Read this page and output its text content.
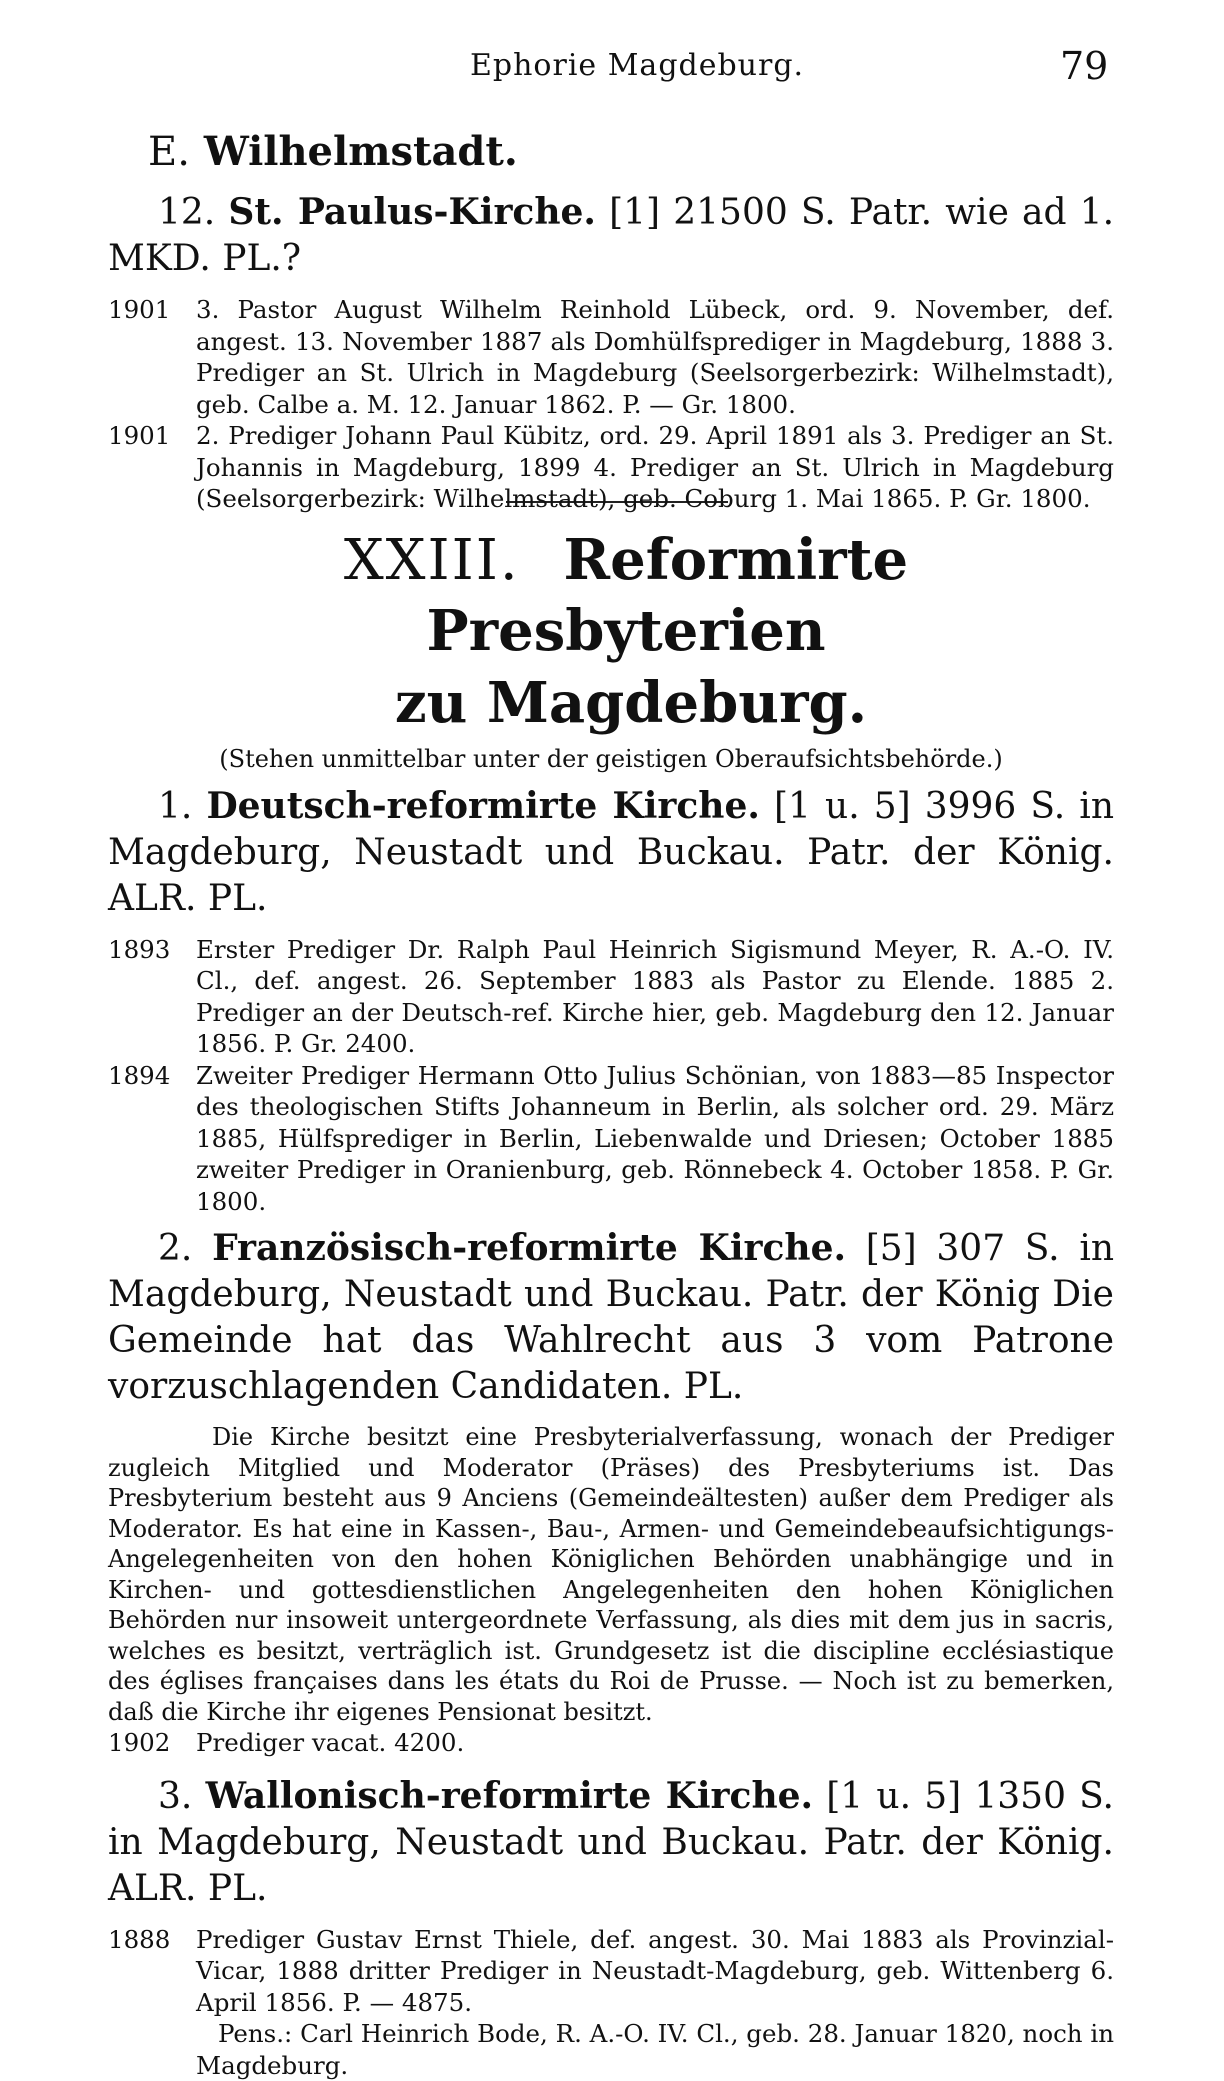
Ephorie Magdeburg.	79
E. Wilhelmstadt.

12. St. Paulus-Kirche. [1] 21500 S. Patr. wie ad 1. MKD. PL.?

1901	3. Pastor August Wilhelm Reinhold Lübeck, ord. 9. November, def. angest. 13. November 1887 als Domhülfsprediger in Magdeburg, 1888 3. Prediger an St. Ulrich in Magdeburg (Seelsorgerbezirk: Wilhelmstadt), geb. Calbe a. M. 12. Januar 1862. P. — Gr. 1800.

1901	2. Prediger Johann Paul Kübitz, ord. 29. April 1891 als 3. Prediger an St. Johannis in Magdeburg, 1899 4. Prediger an St. Ulrich in Magdeburg (Seelsorgerbezirk: Wilhelmstadt), geb. Coburg 1. Mai 1865. P. Gr. 1800.

XXIII. Reformirte Presbyterien
zu Magdeburg.
(Stehen unmittelbar unter der geistigen Oberaufsichtsbehörde.)

1. Deutsch-reformirte Kirche. [1 u. 5] 3996 S. in Magdeburg, Neustadt und Buckau. Patr. der König. ALR. PL.

1893	Erster Prediger Dr. Ralph Paul Heinrich Sigismund Meyer, R. A.-O. IV. Cl., def. angest. 26. September 1883 als Pastor zu Elende. 1885 2. Prediger an der Deutsch-ref. Kirche hier, geb. Magdeburg den 12. Januar 1856. P. Gr. 2400.

1894	Zweiter Prediger Hermann Otto Julius Schönian, von 1883—85 Inspector des theologischen Stifts Johanneum in Berlin, als solcher ord. 29. März 1885, Hülfsprediger in Berlin, Liebenwalde und Driesen; October 1885 zweiter Prediger in Oranienburg, geb. Rönnebeck 4. October 1858. P. Gr. 1800.

2. Französisch-reformirte Kirche. [5] 307 S. in Magdeburg, Neustadt und Buckau. Patr. der König Die Gemeinde hat das Wahlrecht aus 3 vom Patrone vorzuschlagenden Candidaten. PL.

Die Kirche besitzt eine Presbyterialverfassung, wonach der Prediger zugleich Mitglied und Moderator (Präses) des Presbyteriums ist. Das Presbyterium besteht aus 9 Anciens (Gemeindeältesten) außer dem Prediger als Moderator. Es hat eine in Kassen-, Bau-, Armen- und Gemeindebeaufsichtigungs-Angelegenheiten von den hohen Königlichen Behörden unabhängige und in Kirchen- und gottesdienstlichen Angelegenheiten den hohen Königlichen Behörden nur insoweit untergeordnete Verfassung, als dies mit dem jus in sacris, welches es besitzt, verträglich ist. Grundgesetz ist die discipline ecclésiastique des églises françaises dans les états du Roi de Prusse. — Noch ist zu bemerken, daß die Kirche ihr eigenes Pensionat besitzt.

1902	Prediger vacat. 4200.

3. Wallonisch-reformirte Kirche. [1 u. 5] 1350 S. in Magdeburg, Neustadt und Buckau. Patr. der König. ALR. PL.

1888	Prediger Gustav Ernst Thiele, def. angest. 30. Mai 1883 als Provinzial-Vicar, 1888 dritter Prediger in Neustadt-Magdeburg, geb. Wittenberg 6. April 1856. P. — 4875.

Pens.: Carl Heinrich Bode, R. A.-O. IV. Cl., geb. 28. Januar 1820, noch in Magdeburg.
